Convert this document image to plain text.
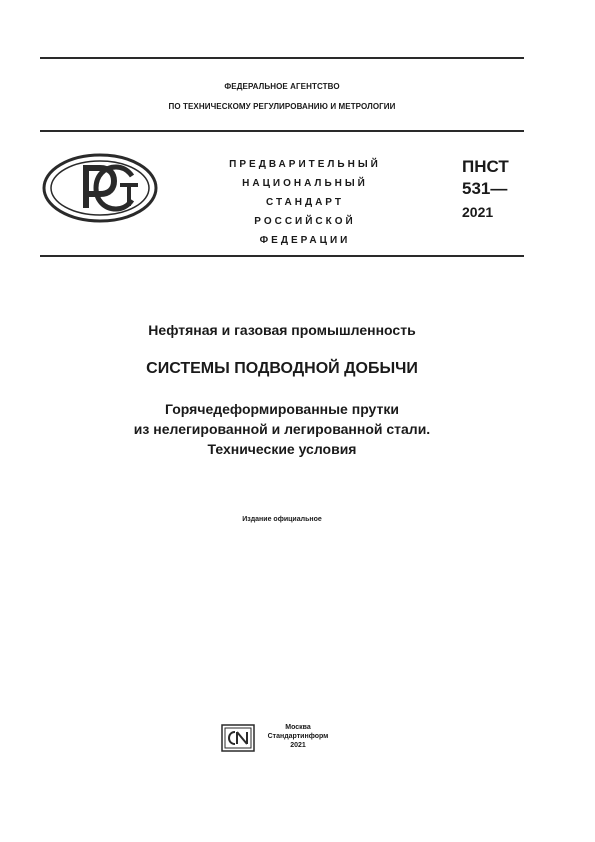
ФЕДЕРАЛЬНОЕ АГЕНТСТВО
ПО ТЕХНИЧЕСКОМУ РЕГУЛИРОВАНИЮ И МЕТРОЛОГИИ
ПРЕДВАРИТЕЛЬНЫЙ
НАЦИОНАЛЬНЫЙ
СТАНДАРТ
РОССИЙСКОЙ
ФЕДЕРАЦИИ
ПНСТ
531—
2021
Нефтяная и газовая промышленность
СИСТЕМЫ ПОДВОДНОЙ ДОБЫЧИ
Горячедеформированные прутки
из нелегированной и легированной стали.
Технические условия
Издание официальное
Москва
Стандартинформ
2021
